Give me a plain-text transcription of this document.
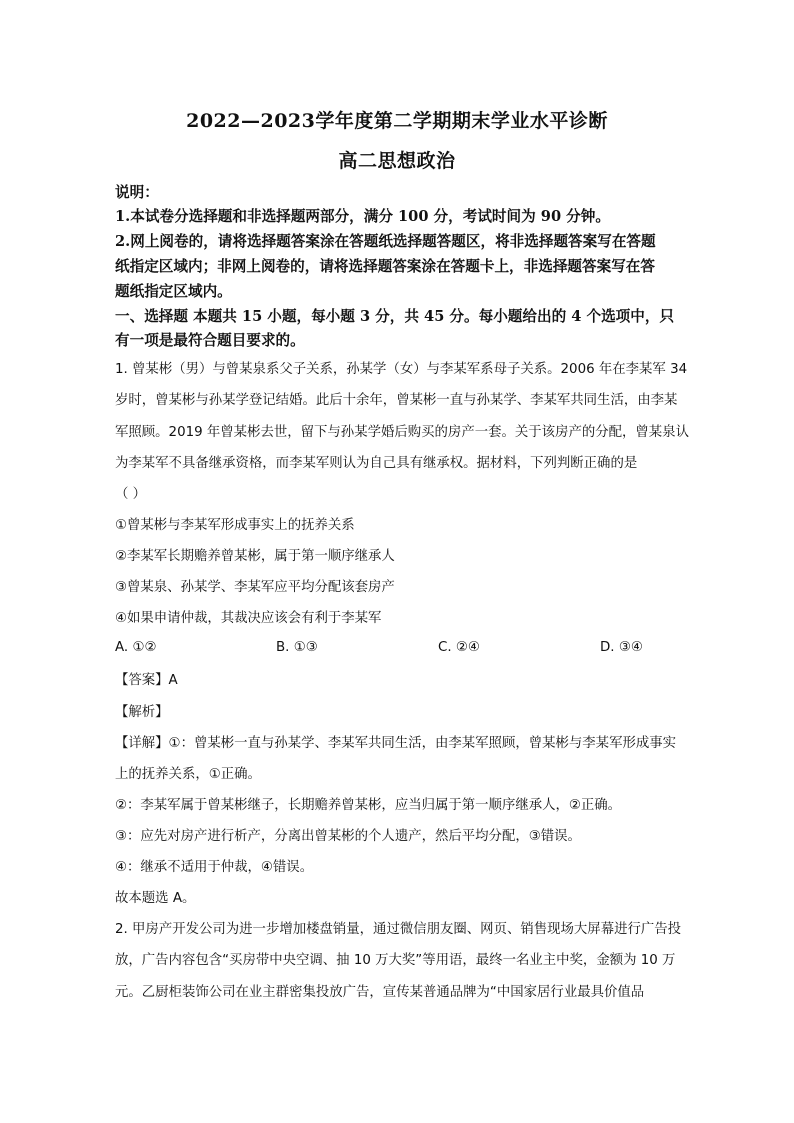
2022—2023学年度第二学期期末学业水平诊断
高二思想政治
说明：
1.本试卷分选择题和非选择题两部分，满分 100 分，考试时间为 90 分钟。
2.网上阅卷的，请将选择题答案涂在答题纸选择题答题区，将非选择题答案写在答题
纸指定区域内；非网上阅卷的，请将选择题答案涂在答题卡上，非选择题答案写在答
题纸指定区域内。
一、选择题 本题共 15 小题，每小题 3 分，共 45 分。每小题给出的 4 个选项中，只
有一项是最符合题目要求的。
1. 曾某彬（男）与曾某泉系父子关系，孙某学（女）与李某军系母子关系。2006 年在李某军 34
岁时，曾某彬与孙某学登记结婚。此后十余年，曾某彬一直与孙某学、李某军共同生活，由李某
军照顾。2019 年曾某彬去世，留下与孙某学婚后购买的房产一套。关于该房产的分配，曾某泉认
为李某军不具备继承资格，而李某军则认为自己具有继承权。据材料，下列判断正确的是
（ ）
①曾某彬与李某军形成事实上的抚养关系
②李某军长期赡养曾某彬，属于第一顺序继承人
③曾某泉、孙某学、李某军应平均分配该套房产
④如果申请仲裁，其裁决应该会有利于李某军
A. ①②	B. ①③	C. ②④	D. ③④
【答案】A
【解析】
【详解】①：曾某彬一直与孙某学、李某军共同生活，由李某军照顾，曾某彬与李某军形成事实
上的抚养关系，①正确。
②：李某军属于曾某彬继子，长期赡养曾某彬，应当归属于第一顺序继承人，②正确。
③：应先对房产进行析产，分离出曾某彬的个人遗产，然后平均分配，③错误。
④：继承不适用于仲裁，④错误。
故本题选 A。
2. 甲房产开发公司为进一步增加楼盘销量，通过微信朋友圈、网页、销售现场大屏幕进行广告投
放，广告内容包含“买房带中央空调、抽 10 万大奖”等用语，最终一名业主中奖，金额为 10 万
元。乙厨柜装饰公司在业主群密集投放广告，宣传某普通品牌为“中国家居行业最具价值品
